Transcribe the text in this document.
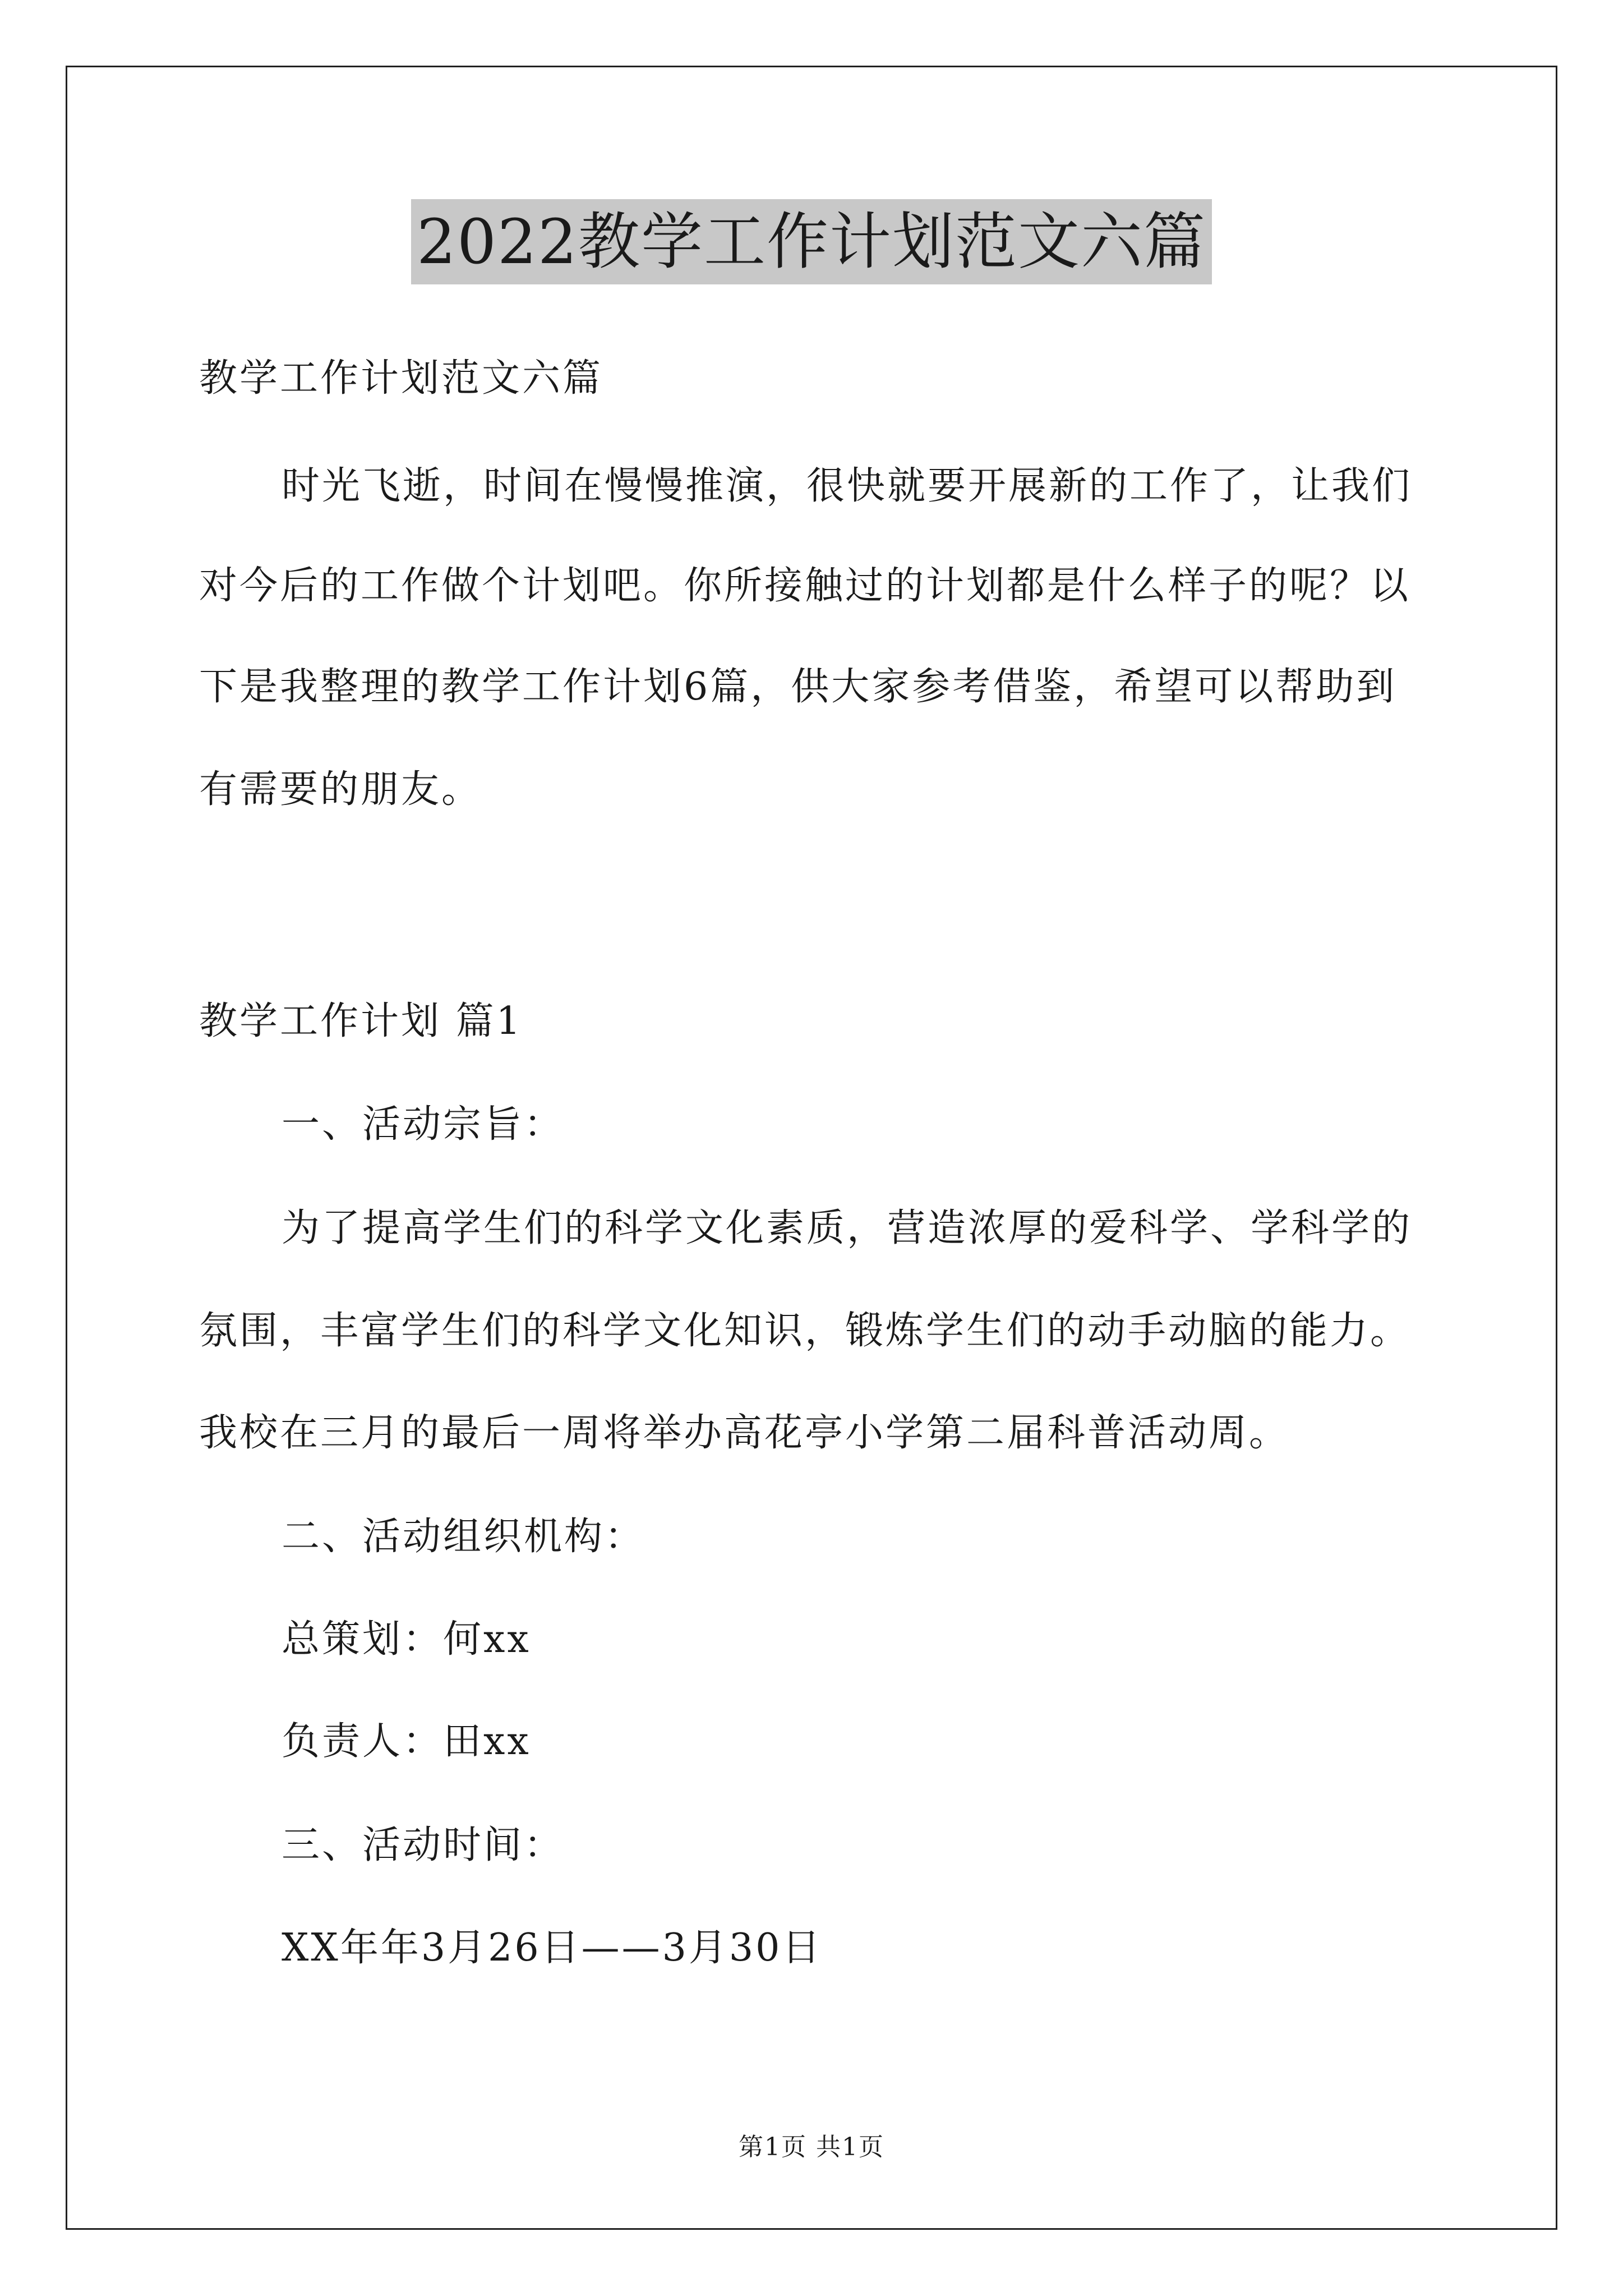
2022教学工作计划范文六篇
教学工作计划范文六篇
时光飞逝，时间在慢慢推演，很快就要开展新的工作了，让我们
对今后的工作做个计划吧。你所接触过的计划都是什么样子的呢？以
下是我整理的教学工作计划6篇，供大家参考借鉴，希望可以帮助到
有需要的朋友。
教学工作计划 篇1
一、活动宗旨：
为了提高学生们的科学文化素质，营造浓厚的爱科学、学科学的
氛围，丰富学生们的科学文化知识，锻炼学生们的动手动脑的能力。
我校在三月的最后一周将举办高花亭小学第二届科普活动周。
二、活动组织机构：
总策划：何xx
负责人：田xx
三、活动时间：
XX年年3月26日——3月30日
第1页 共1页
